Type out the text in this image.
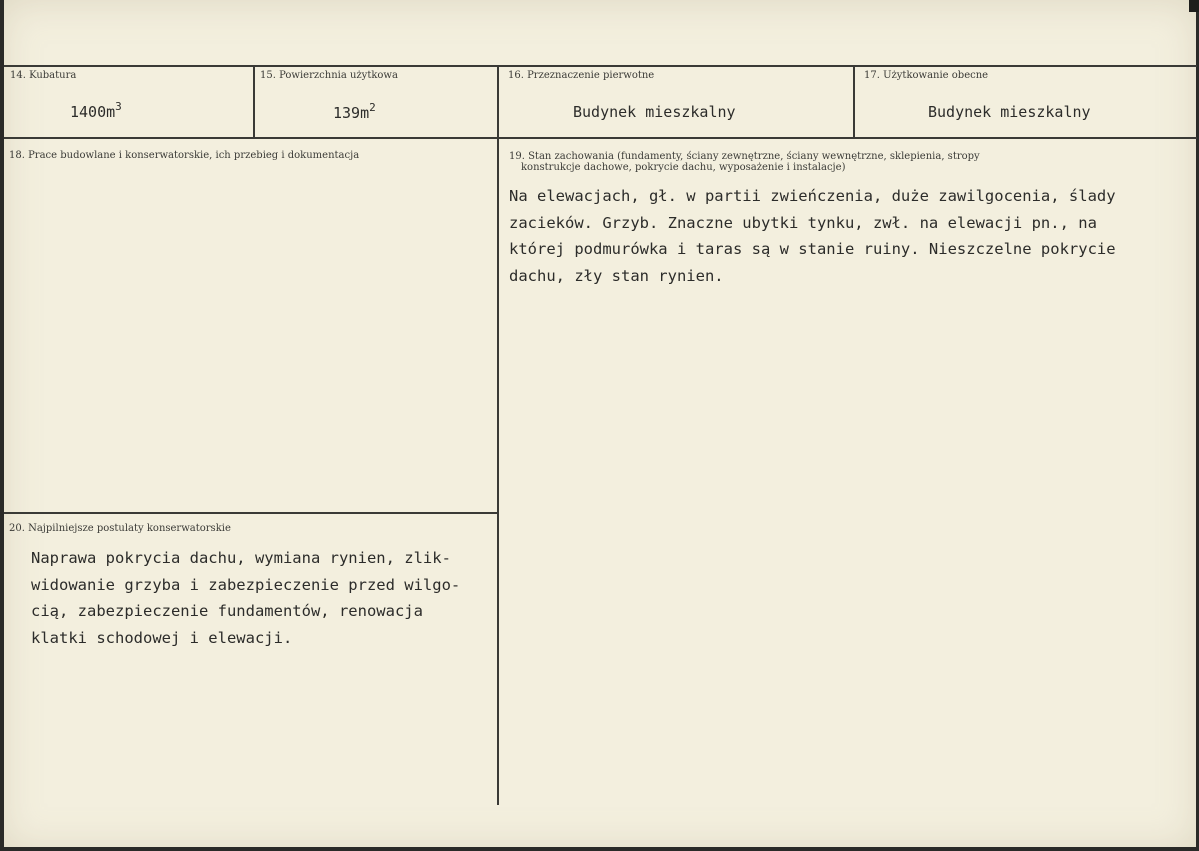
14. Kubatura
$1400m^3$
15. Powierzchnia użytkowa
$139m^2$
16. Przeznaczenie pierwotne
Budynek mieszkalny
17. Użytkowanie obecne
Budynek mieszkalny
18. Prace budowlane i konserwatorskie, ich przebieg i dokumentacja	19. Stan zachowania (fundamenty, ściany zewnętrzne, ściany wewnętrzne, sklepienia, stropy
konstrukcje dachowe, pokrycie dachu, wyposażenie i instalacje)
Na elewacjach, gł. w partii zwieńczenia, duże zawilgocenia, ślady
zacieków. Grzyb. Znaczne ubytki tynku, zwł. na elewacji pn., na
której podmurówka i taras są w stanie ruiny. Nieszczelne pokrycie
dachu, zły stan rynien.
20. Najpilniejsze postulaty konserwatorskie
Naprawa pokrycia dachu, wymiana rynien, zlik-
widowanie grzyba i zabezpieczenie przed wilgo-
cią, zabezpieczenie fundamentów, renowacja
klatki schodowej i elewacji.
